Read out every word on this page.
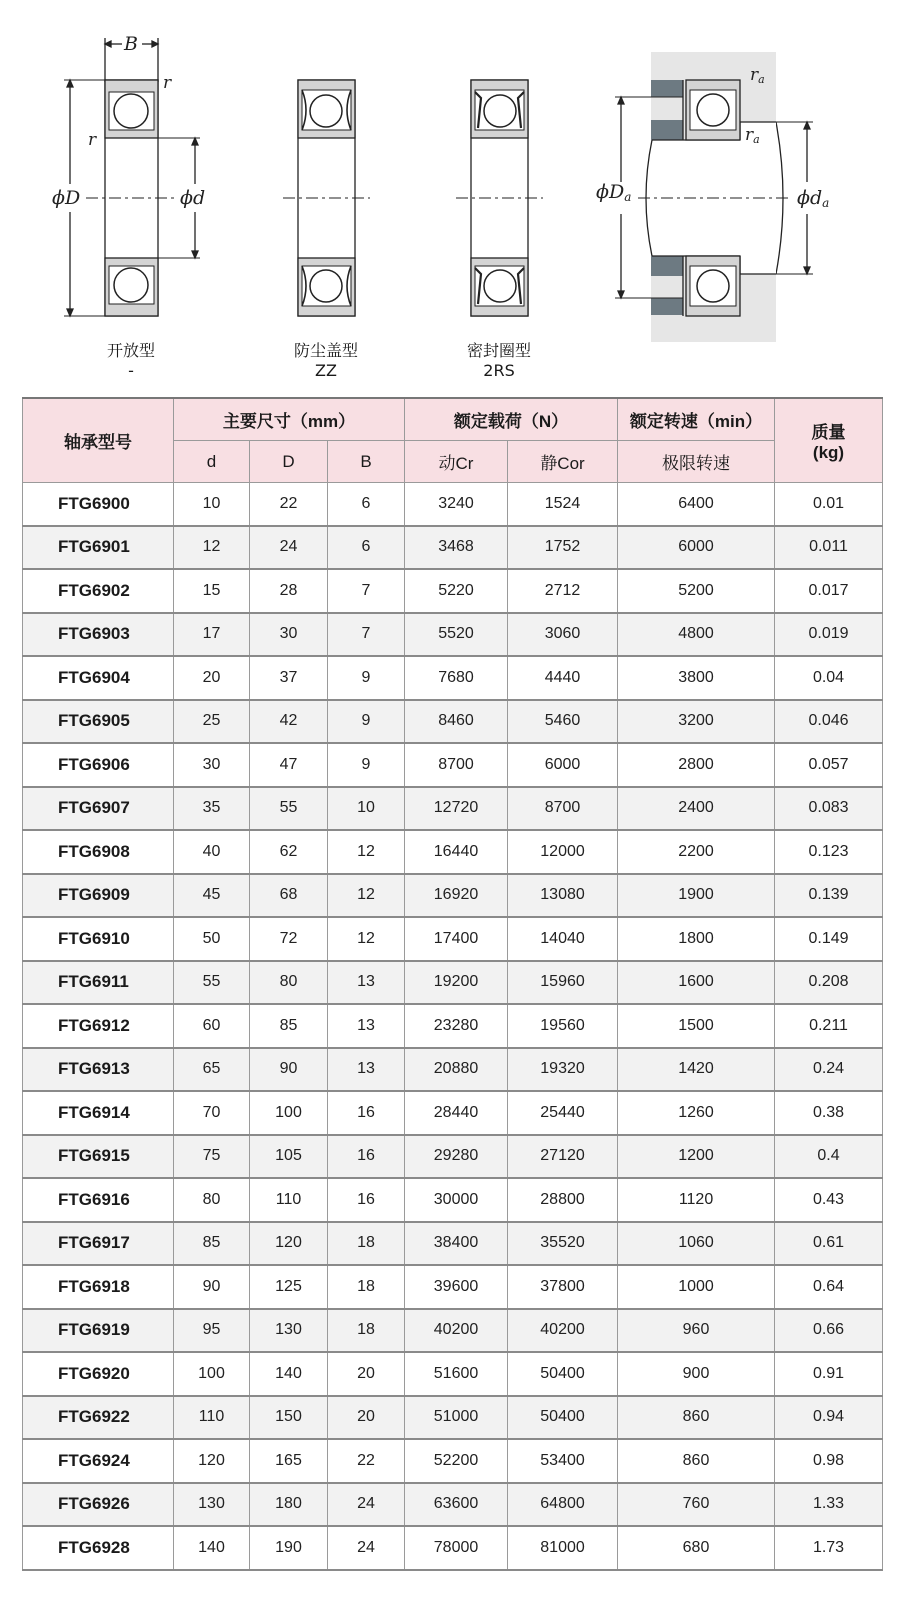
B
r
r
ϕD	ϕd
ra
ra
ϕDa	ϕda
开放型
-
防尘盖型
ZZ
密封圈型
2RS
轴承型号	主要尺寸（mm）			额定载荷（N）		额定转速（min）	质量
(kg)

	d	D	B	动Cr	静Cor	极限转速	
FTG6900	10	22	6	3240	1524	6400	0.01
FTG6901	12	24	6	3468	1752	6000	0.011
FTG6902	15	28	7	5220	2712	5200	0.017
FTG6903	17	30	7	5520	3060	4800	0.019
FTG6904	20	37	9	7680	4440	3800	0.04
FTG6905	25	42	9	8460	5460	3200	0.046
FTG6906	30	47	9	8700	6000	2800	0.057
FTG6907	35	55	10	12720	8700	2400	0.083
FTG6908	40	62	12	16440	12000	2200	0.123
FTG6909	45	68	12	16920	13080	1900	0.139
FTG6910	50	72	12	17400	14040	1800	0.149
FTG6911	55	80	13	19200	15960	1600	0.208
FTG6912	60	85	13	23280	19560	1500	0.211
FTG6913	65	90	13	20880	19320	1420	0.24
FTG6914	70	100	16	28440	25440	1260	0.38
FTG6915	75	105	16	29280	27120	1200	0.4
FTG6916	80	110	16	30000	28800	1120	0.43
FTG6917	85	120	18	38400	35520	1060	0.61
FTG6918	90	125	18	39600	37800	1000	0.64
FTG6919	95	130	18	40200	40200	960	0.66
FTG6920	100	140	20	51600	50400	900	0.91
FTG6922	110	150	20	51000	50400	860	0.94
FTG6924	120	165	22	52200	53400	860	0.98
FTG6926	130	180	24	63600	64800	760	1.33
FTG6928	140	190	24	78000	81000	680	1.73
